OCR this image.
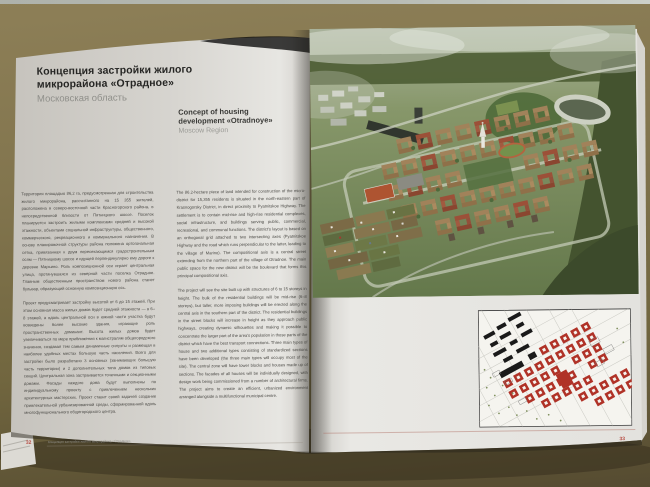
33
Концепция застройки жилого
микрорайона «Отрадное»
Московская область
Concept of housing
development «Otradnoye»
Moscow Region

Территория площадью 86,2 га, предусмотренная для строительства жилого микрорайона, рассчитанного на 15 355 жителей, расположена в северо-восточной части Красногорского района, в непосредственной близости от Пятницкого шоссе. Поселок планируется застроить жилыми комплексами средней и высокой этажности, объектами социальной инфраструктуры, общественного, коммерческого, рекреационного и коммунального назначения. В основу планировочной структуры района положена ортогональная сетка, привязанная к двум пересекающимся градостроительным осям — Пятницкому шоссе и идущей перпендикулярно ему дороге к деревне Марьино. Роль композиционной оси играет центральная улица, протянувшаяся из северной части поселка Отрадное. Главным общественным пространством нового района станет бульвар, образующий основную композиционную ось.

Проект предусматривает застройку высотой от 6 до 15 этажей. При этом основная масса жилых домов будет средней этажности — в 6–8 этажей, а вдоль центральной оси в южной части участка будут возведены более высокие здания, играющие роль пространственных доминант. Высота жилых домов будет увеличиваться по мере приближения к магистралям общегородского значения, создавая тем самым динамичные силуэты и размещая в наиболее удобных местах большую часть населения. Всего для застройки было разработано 3 основных (занимающих большую часть территории) и 2 дополнительных типа домов из типовых секций. Центральная зона застраивается точечными и секционными домами. Фасады каждого дома будут выполнены по индивидуальному проекту с привлечением нескольких архитектурных мастерских. Проект ставит своей задачей создание привлекательной урбанизированной среды, сформированной вдоль многофункционального общегородского центра.

The 86.2-hectare piece of land intended for construction of the micro-district for 15,355 residents is situated in the north-eastern part of Krasnogorsky District, in direct proximity to Pyatnitskoe Highway. The settlement is to contain mid-rise and high-rise residential complexes, social infrastructure, and buildings serving public, commercial, recreational, and communal functions. The district's layout is based on an orthogonal grid attached to two intersecting axes (Pyatnitskoe Highway and the road which runs perpendicular to the latter, leading to the village of Marino). The compositional axis is a central street extending from the northern part of the village of Otradnoe. The main public space for the new district will be the boulevard that forms this principal compositional axis.

The project will see the site built up with structures of 6 to 15 storeys in height. The bulk of the residential buildings will be mid-rise (6–8 storeys), but taller, more imposing buildings will be erected along the central axis in the southern part of the district. The residential buildings in the street blocks will increase in height as they approach public highways, creating dynamic silhouettes and making it possible to concentrate the larger part of the area's population in those parts of the district which have the best transport connections. Three main types of house and two additional types consisting of standardized sections have been developed (the three main types will occupy most of the site). The central zone will have tower blocks and houses made up of sections. The facades of all houses will be individually designed, with design work being commissioned from a number of architectural firms. The project aims to create an efficient, urbanized environment arranged alongside a multifunctional municipal centre.

32	Концепция застройки жилого микрорайона «Отрадное»
